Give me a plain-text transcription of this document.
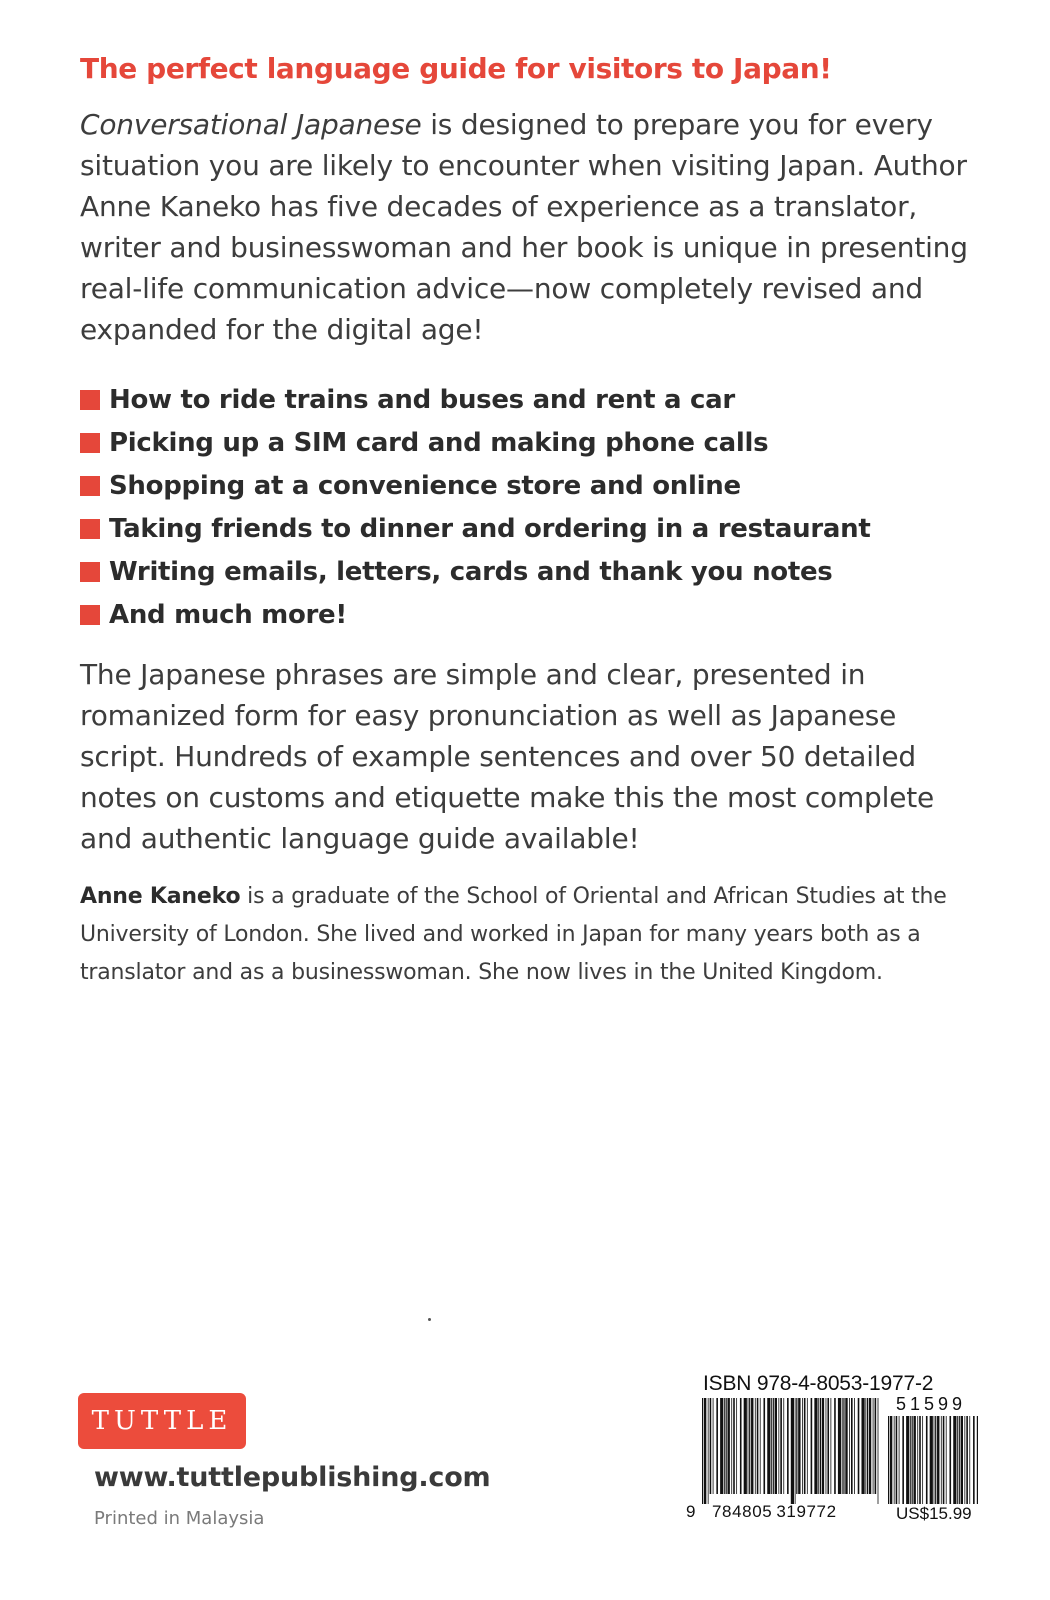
The perfect language guide for visitors to Japan!

Conversational Japanese is designed to prepare you for every situation you are likely to encounter when visiting Japan. Author Anne Kaneko has five decades of experience as a translator, writer and businesswoman and her book is unique in presenting real-life communication advice—now completely revised and expanded for the digital age!

How to ride trains and buses and rent a car
Picking up a SIM card and making phone calls
Shopping at a convenience store and online
Taking friends to dinner and ordering in a restaurant
Writing emails, letters, cards and thank you notes
And much more!

The Japanese phrases are simple and clear, presented in romanized form for easy pronunciation as well as Japanese script. Hundreds of example sentences and over 50 detailed notes on customs and etiquette make this the most complete and authentic language guide available!

Anne Kaneko is a graduate of the School of Oriental and African Studies at the University of London. She lived and worked in Japan for many years both as a translator and as a businesswoman. She now lives in the United Kingdom.

TUTTLE

www.tuttlepublishing.com

Printed in Malaysia

ISBN 978-4-8053-1977-2
51599
9 784805 319772	US$15.99
